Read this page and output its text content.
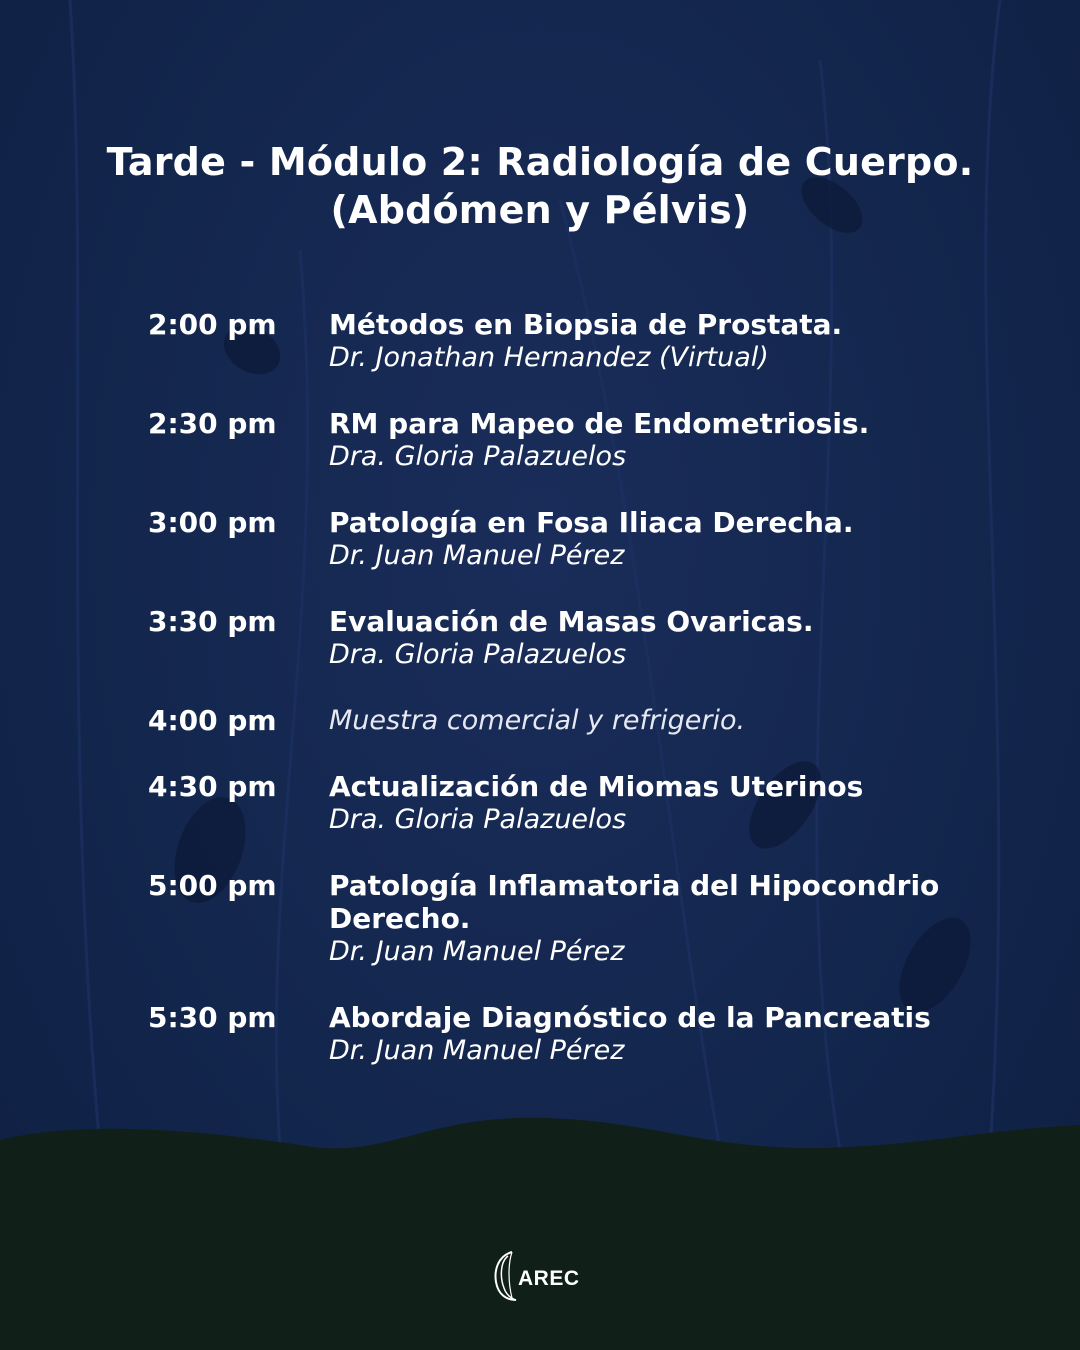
Tarde - Módulo 2: Radiología de Cuerpo.
(Abdómen y Pélvis)
2:00 pm	Métodos en Biopsia de Prostata.
Dr. Jonathan Hernandez (Virtual)
2:30 pm	RM para Mapeo de Endometriosis.
Dra. Gloria Palazuelos
3:00 pm	Patología en Fosa Iliaca Derecha.
Dr. Juan Manuel Pérez
3:30 pm	Evaluación de Masas Ovaricas.
Dra. Gloria Palazuelos
4:00 pm	Muestra comercial y refrigerio.
4:30 pm	Actualización de Miomas Uterinos
Dra. Gloria Palazuelos
5:00 pm	Patología Inflamatoria del Hipocondrio
Derecho.
Dr. Juan Manuel Pérez
5:30 pm	Abordaje Diagnóstico de la Pancreatis
Dr. Juan Manuel Pérez
AREC
